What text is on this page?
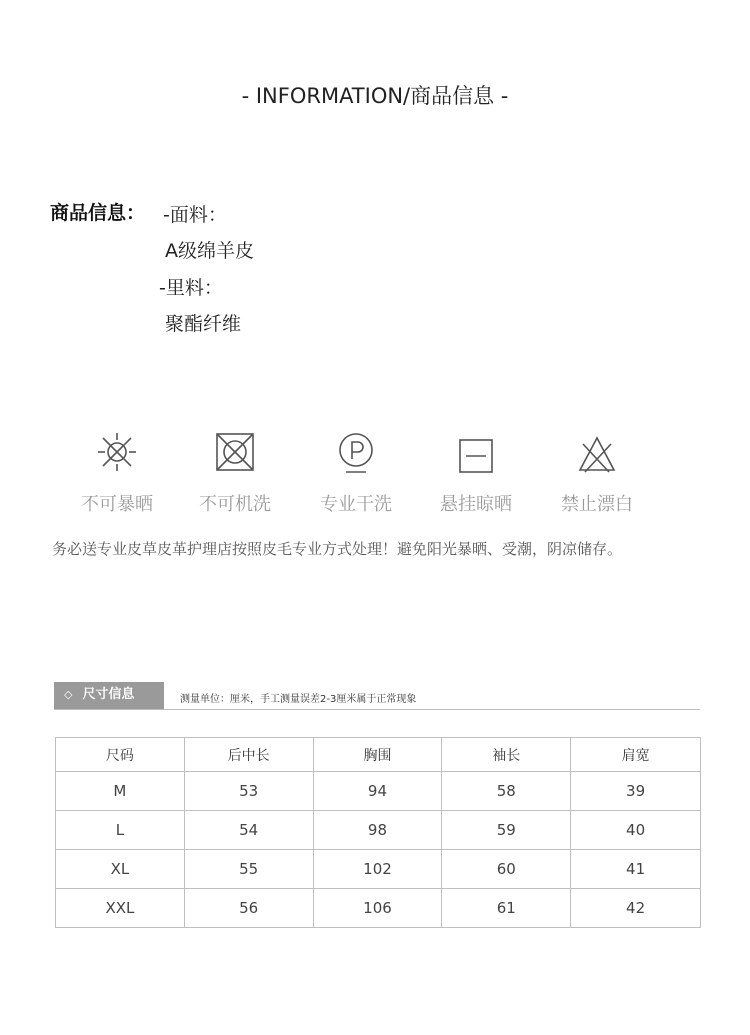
- INFORMATION/商品信息 -
商品信息： -面料：
A级绵羊皮
-里料：
聚酯纤维
不可暴晒	不可机洗	专业干洗	悬挂晾晒	禁止漂白
务必送专业皮草皮革护理店按照皮毛专业方式处理！避免阳光暴晒、受潮，阴凉储存。
◇ 尺寸信息	测量单位：厘米，手工测量误差2-3厘米属于正常现象
尺码	后中长	胸围	袖长	肩宽
M	53	94	58	39
L	54	98	59	40
XL	55	102	60	41
XXL	56	106	61	42
